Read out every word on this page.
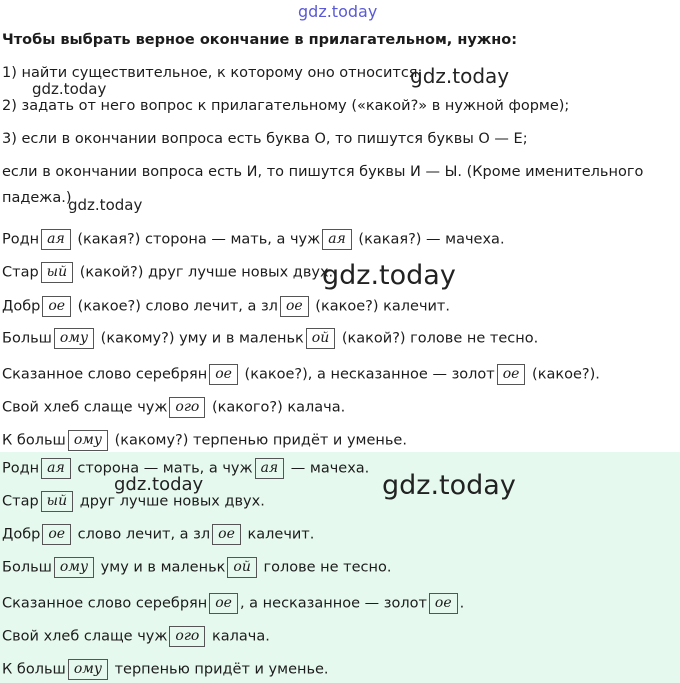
gdz.today
Чтобы выбрать верное окончание в прилагательном, нужно:
1) найти существительное, к которому оно относится;
2) задать от него вопрос к прилагательному («какой?» в нужной форме);
3) если в окончании вопроса есть буква О, то пишутся буквы О — Е;
если в окончании вопроса есть И, то пишутся буквы И — Ы. (Кроме именительного
падежа.)
Родн ая (какая?) сторона — мать, а чуж ая (какая?) — мачеха.
Стар ый (какой?) друг лучше новых двух.
Добр ое (какое?) слово лечит, а зл ое (какое?) калечит.
Больш ому (какому?) уму и в маленьк ой (какой?) голове не тесно.
Сказанное слово серебрян ое (какое?), а несказанное — золот ое (какое?).
Свой хлеб слаще чуж ого (какого?) калача.
К больш ому (какому?) терпенью придёт и уменье.
Родн ая сторона — мать, а чуж ая — мачеха.
Стар ый друг лучше новых двух.
Добр ое слово лечит, а зл ое калечит.
Больш ому уму и в маленьк ой голове не тесно.
Сказанное слово серебрян ое , а несказанное — золот ое .
Свой хлеб слаще чуж ого калача.
К больш ому терпенью придёт и уменье.
gdz.today
gdz.today
gdz.today
gdz.today
gdz.today
gdz.today
